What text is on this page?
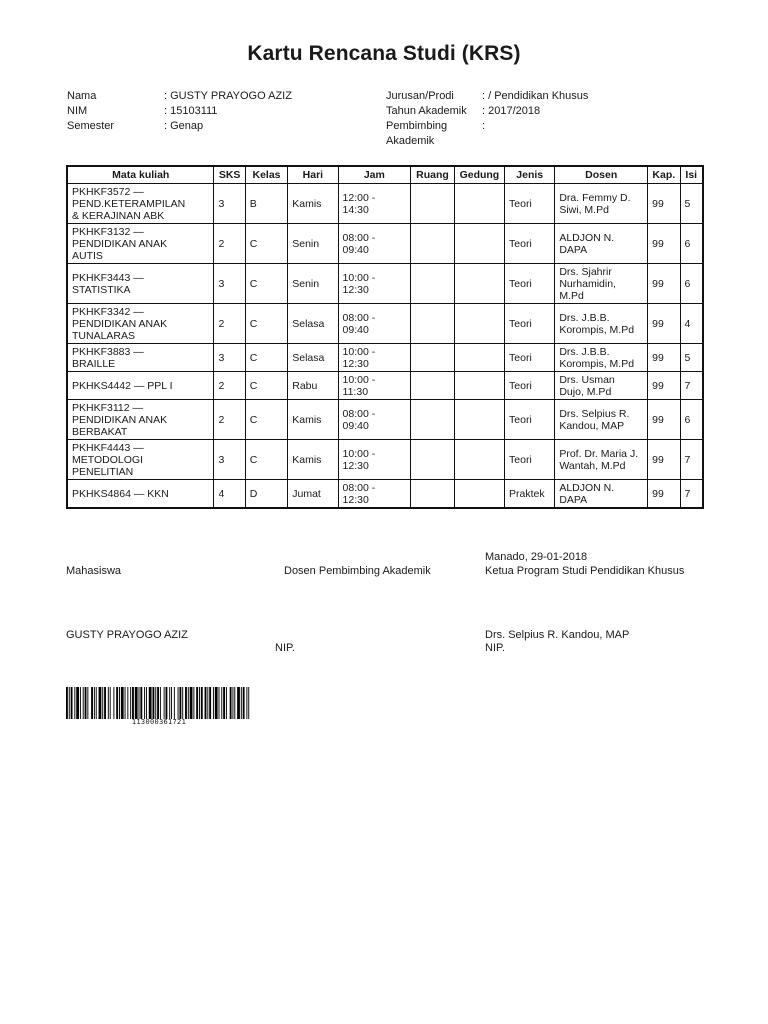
Kartu Rencana Studi (KRS)
Nama	: GUSTY PRAYOGO AZIZ
NIM	: 15103111
Semester	: Genap
Jurusan/Prodi	: / Pendidikan Khusus
Tahun Akademik	: 2017/2018
Pembimbing
Akademik
:
Mata kuliah	SKS	Kelas	Hari	Jam	Ruang	Gedung	Jenis	Dosen	Kap.	Isi
PKHKF3572 —
PEND.KETERAMPILAN
& KERAJINAN ABK	3	B	Kamis	12:00 -
14:30			Teori	Dra. Femmy D.
Siwi, M.Pd	99	5
PKHKF3132 —
PENDIDIKAN ANAK
AUTIS	2	C	Senin	08:00 -
09:40			Teori	ALDJON N.
DAPA	99	6
PKHKF3443 —
STATISTIKA	3	C	Senin	10:00 -
12:30			Teori	Drs. Sjahrir
Nurhamidin,
M.Pd	99	6
PKHKF3342 —
PENDIDIKAN ANAK
TUNALARAS	2	C	Selasa	08:00 -
09:40			Teori	Drs. J.B.B.
Korompis, M.Pd	99	4
PKHKF3883 —
BRAILLE	3	C	Selasa	10:00 -
12:30			Teori	Drs. J.B.B.
Korompis, M.Pd	99	5
PKHKS4442 — PPL I	2	C	Rabu	10:00 -
11:30			Teori	Drs. Usman
Dujo, M.Pd	99	7
PKHKF3112 —
PENDIDIKAN ANAK
BERBAKAT	2	C	Kamis	08:00 -
09:40			Teori	Drs. Selpius R.
Kandou, MAP	99	6
PKHKF4443 —
METODOLOGI
PENELITIAN	3	C	Kamis	10:00 -
12:30			Teori	Prof. Dr. Maria J.
Wantah, M.Pd	99	7
PKHKS4864 — KKN	4	D	Jumat	08:00 -
12:30			Praktek	ALDJON N.
DAPA	99	7
Manado, 29-01-2018
Mahasiswa	Dosen Pembimbing Akademik	Ketua Program Studi Pendidikan Khusus
GUSTY PRAYOGO AZIZ	Drs. Selpius R. Kandou, MAP
NIP.	NIP.
113000361721
